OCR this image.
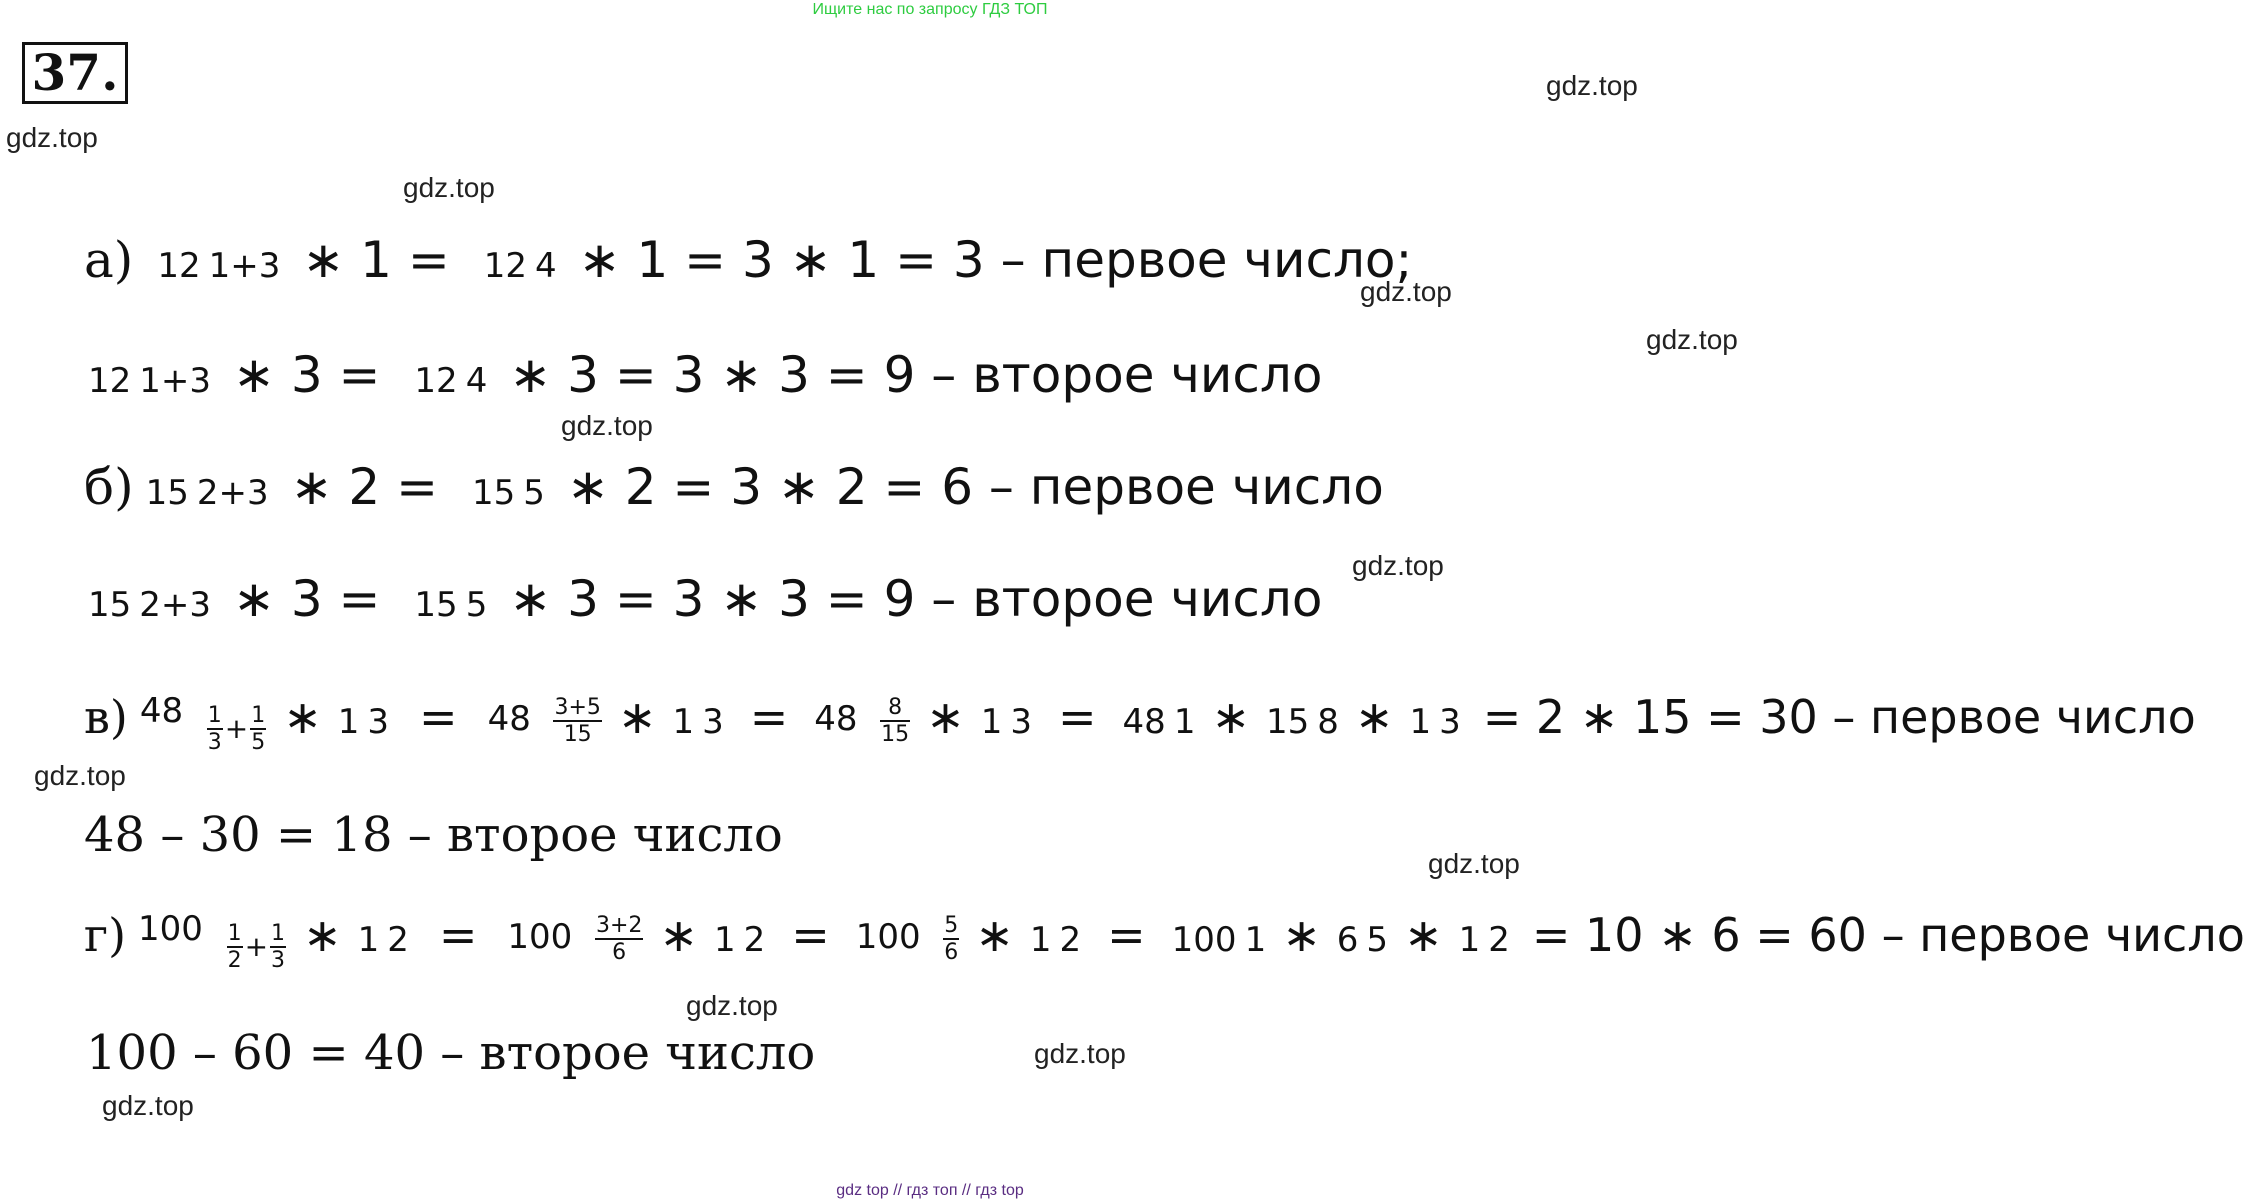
Ищите нас по запросу ГДЗ ТОП
37.	gdz.top
gdz.top
gdz.top
gdz.top
gdz.top
gdz.top
gdz.top
gdz.top
gdz.top
gdz.top
gdz.top
gdz.top
а) 12 1+3 ∗ 1 = 12 4 ∗ 1 = 3 ∗ 1 = 3 – первое число;
12 1+3 ∗ 3 = 12 4 ∗ 3 = 3 ∗ 3 = 9 – второе число
б) 15 2+3 ∗ 2 = 15 5 ∗ 2 = 3 ∗ 2 = 6 – первое число
15 2+3 ∗ 3 = 15 5 ∗ 3 = 3 ∗ 3 = 9 – второе число
в) $48 \frac{1}{3} + \frac{1}{5}$ ∗ 1 $3 = 48 \frac{3+5}{15}$ ∗ 1 $3 = 48 \frac{8}{15}$ ∗ 1 3 = 48 1 ∗ 15 8 ∗ 1 3 = 2 ∗ 15 = 30 – первое число
48 – 30 = 18 – второе число
г) $100 \frac{1}{2} + \frac{1}{3}$ ∗ 1 $2 = 100 \frac{3+2}{6}$ ∗ 1 $2 = 100 \frac{5}{6}$ ∗ 1 2 = 100 1 ∗ 6 5 ∗ 1 2 = 10 ∗ 6 = 60 – первое число
100 – 60 = 40 – второе число
gdz top // гдз топ // гдз top
